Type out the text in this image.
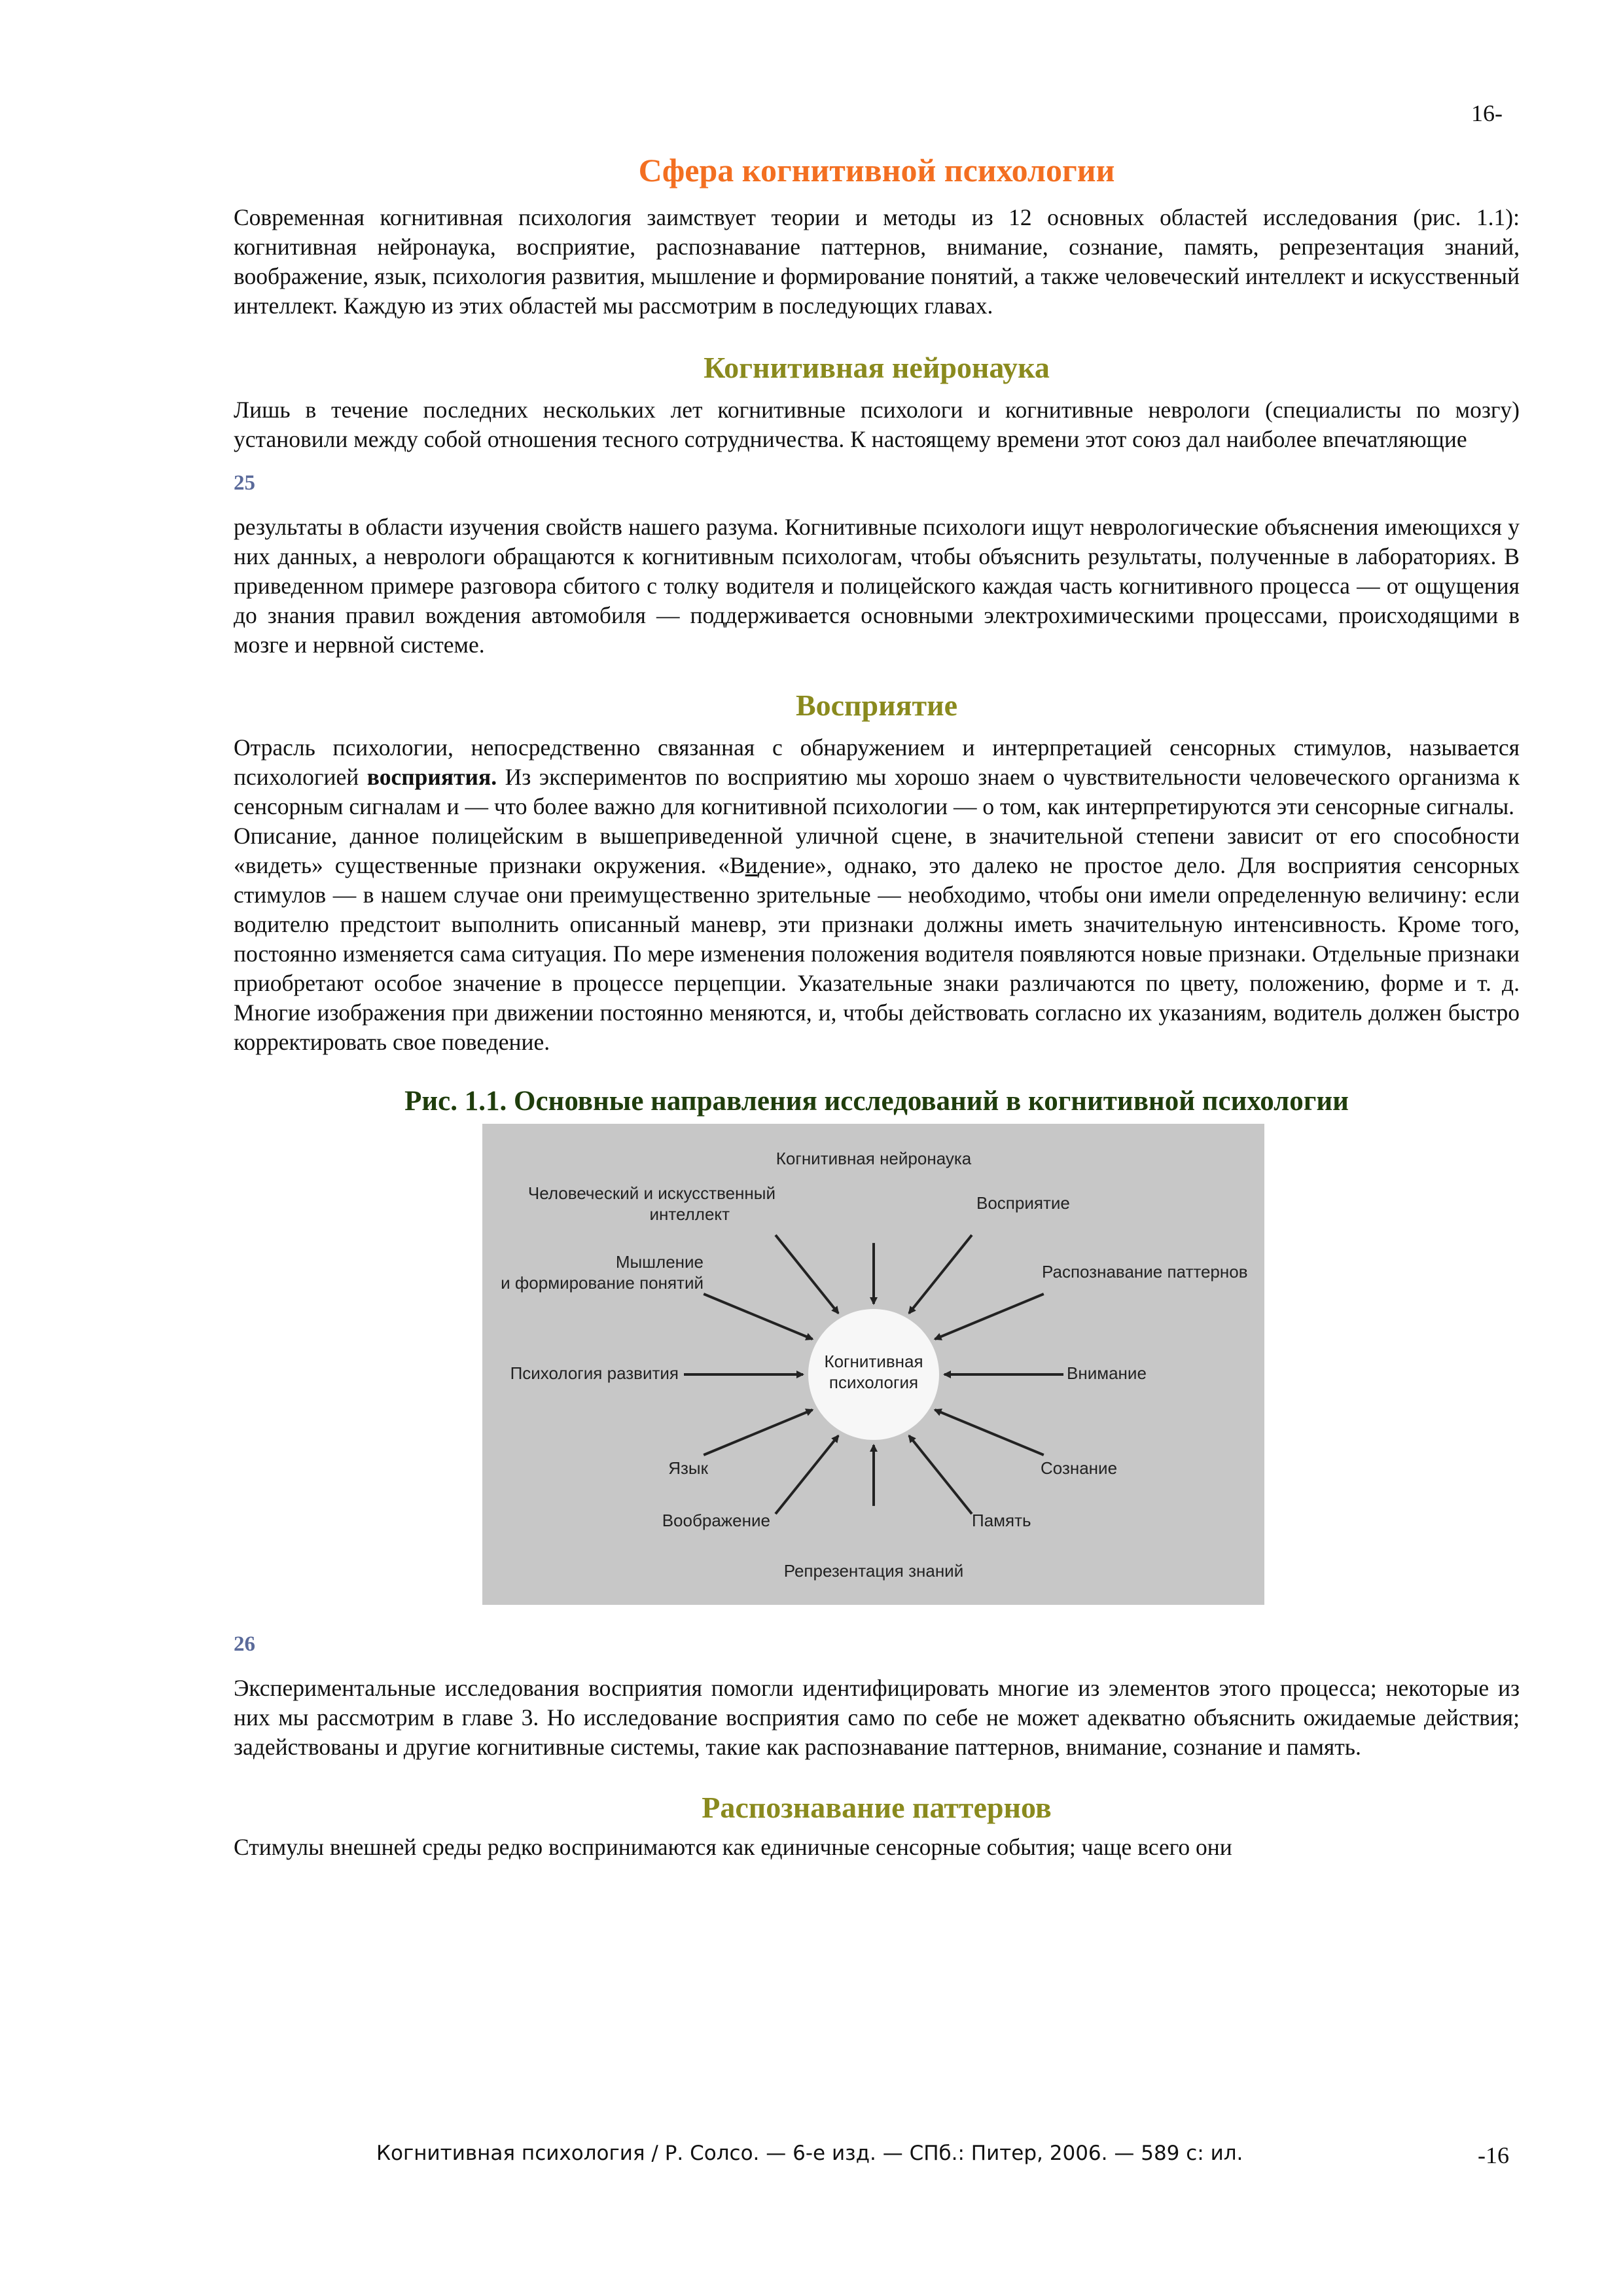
16-
Сфера когнитивной психологии

Современная когнитивная психология заимствует теории и методы из 12 основных областей исследования (рис. 1.1): когнитивная нейронаука, восприятие, распознавание паттернов, внимание, сознание, память, репрезентация знаний, воображение, язык, психология развития, мышление и формирование понятий, а также человеческий интеллект и искусственный интеллект. Каждую из этих областей мы рассмотрим в последующих главах.

Когнитивная нейронаука

Лишь в течение последних нескольких лет когнитивные психологи и когнитивные неврологи (специалисты по мозгу) установили между собой отношения тесного сотрудничества. К настоящему времени этот союз дал наиболее впечатляющие

25

результаты в области изучения свойств нашего разума. Когнитивные психологи ищут неврологические объяснения имеющихся у них данных, а неврологи обращаются к когнитивным психологам, чтобы объяснить результаты, полученные в лабораториях. В приведенном примере разговора сбитого с толку водителя и полицейского каждая часть когнитивного процесса — от ощущения до знания правил вождения автомобиля — поддерживается основными электрохимическими процессами, происходящими в мозге и нервной системе.

Восприятие

Отрасль психологии, непосредственно связанная с обнаружением и интерпретацией сенсорных стимулов, называется психологией восприятия. Из экспериментов по восприятию мы хорошо знаем о чувствительности человеческого организма к сенсорным сигналам и — что более важно для когнитивной психологии — о том, как интерпретируются эти сенсорные сигналы.

Описание, данное полицейским в вышеприведенной уличной сцене, в значительной степени зависит от его способности «видеть» существенные признаки окружения. «Видение», однако, это далеко не простое дело. Для восприятия сенсорных стимулов — в нашем случае они преимущественно зрительные — необходимо, чтобы они имели определенную величину: если водителю предстоит выполнить описанный маневр, эти признаки должны иметь значительную интенсивность. Кроме того, постоянно изменяется сама ситуация. По мере изменения положения водителя появляются новые признаки. Отдельные признаки приобретают особое значение в процессе перцепции. Указательные знаки различаются по цвету, положению, форме и т. д. Многие изображения при движении постоянно меняются, и, чтобы действовать согласно их указаниям, водитель должен быстро корректировать свое поведение.

Рис. 1.1. Основные направления исследований в когнитивной психологии

Когнитивная
психология
Когнитивная нейронаука
Восприятие
Распознавание паттернов
Внимание
Сознание
Память
Репрезентация знаний
Воображение
Язык
Психология развития
Мышление
и формирование понятий
Человеческий и искусственный
интеллект

26

Экспериментальные исследования восприятия помогли идентифицировать многие из элементов этого процесса; некоторые из них мы рассмотрим в главе 3. Но исследование восприятия само по себе не может адекватно объяснить ожидаемые действия; задействованы и другие когнитивные системы, такие как распознавание паттернов, внимание, сознание и память.

Распознавание паттернов

Стимулы внешней среды редко воспринимаются как единичные сенсорные события; чаще всего они

Когнитивная психология / Р. Солсо. — 6-е изд. — СПб.: Питер, 2006. — 589 с: ил.	-16
